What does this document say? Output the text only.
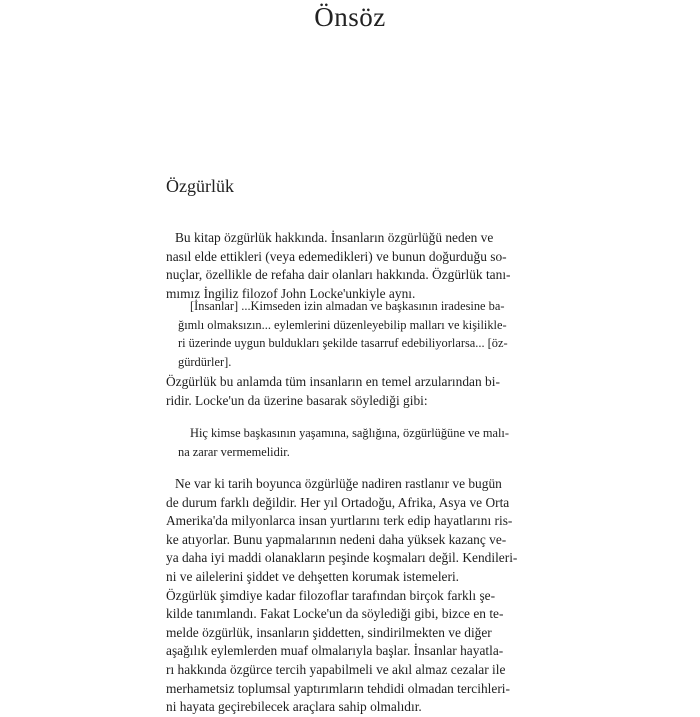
Önsöz
Özgürlük
Bu kitap özgürlük hakkında. İnsanların özgürlüğü neden ve
nasıl elde ettikleri (veya edemedikleri) ve bunun doğurduğu so-
nuçlar, özellikle de refaha dair olanları hakkında. Özgürlük tanı-
mımız İngiliz filozof John Locke'unkiyle aynı.
[İnsanlar] ...Kimseden izin almadan ve başkasının iradesine ba-
ğımlı olmaksızın... eylemlerini düzenleyebilip malları ve kişilikle-
ri üzerinde uygun buldukları şekilde tasarruf edebiliyorlarsa... [öz-
gürdürler].
Özgürlük bu anlamda tüm insanların en temel arzularından bi-
ridir. Locke'un da üzerine basarak söylediği gibi:
Hiç kimse başkasının yaşamına, sağlığına, özgürlüğüne ve malı-
na zarar vermemelidir.
Ne var ki tarih boyunca özgürlüğe nadiren rastlanır ve bugün
de durum farklı değildir. Her yıl Ortadoğu, Afrika, Asya ve Orta
Amerika'da milyonlarca insan yurtlarını terk edip hayatlarını ris-
ke atıyorlar. Bunu yapmalarının nedeni daha yüksek kazanç ve-
ya daha iyi maddi olanakların peşinde koşmaları değil. Kendileri-
ni ve ailelerini şiddet ve dehşetten korumak istemeleri.
Özgürlük şimdiye kadar filozoflar tarafından birçok farklı şe-
kilde tanımlandı. Fakat Locke'un da söylediği gibi, bizce en te-
melde özgürlük, insanların şiddetten, sindirilmekten ve diğer
aşağılık eylemlerden muaf olmalarıyla başlar. İnsanlar hayatla-
rı hakkında özgürce tercih yapabilmeli ve akıl almaz cezalar ile
merhametsiz toplumsal yaptırımların tehdidi olmadan tercihleri-
ni hayata geçirebilecek araçlara sahip olmalıdır.
